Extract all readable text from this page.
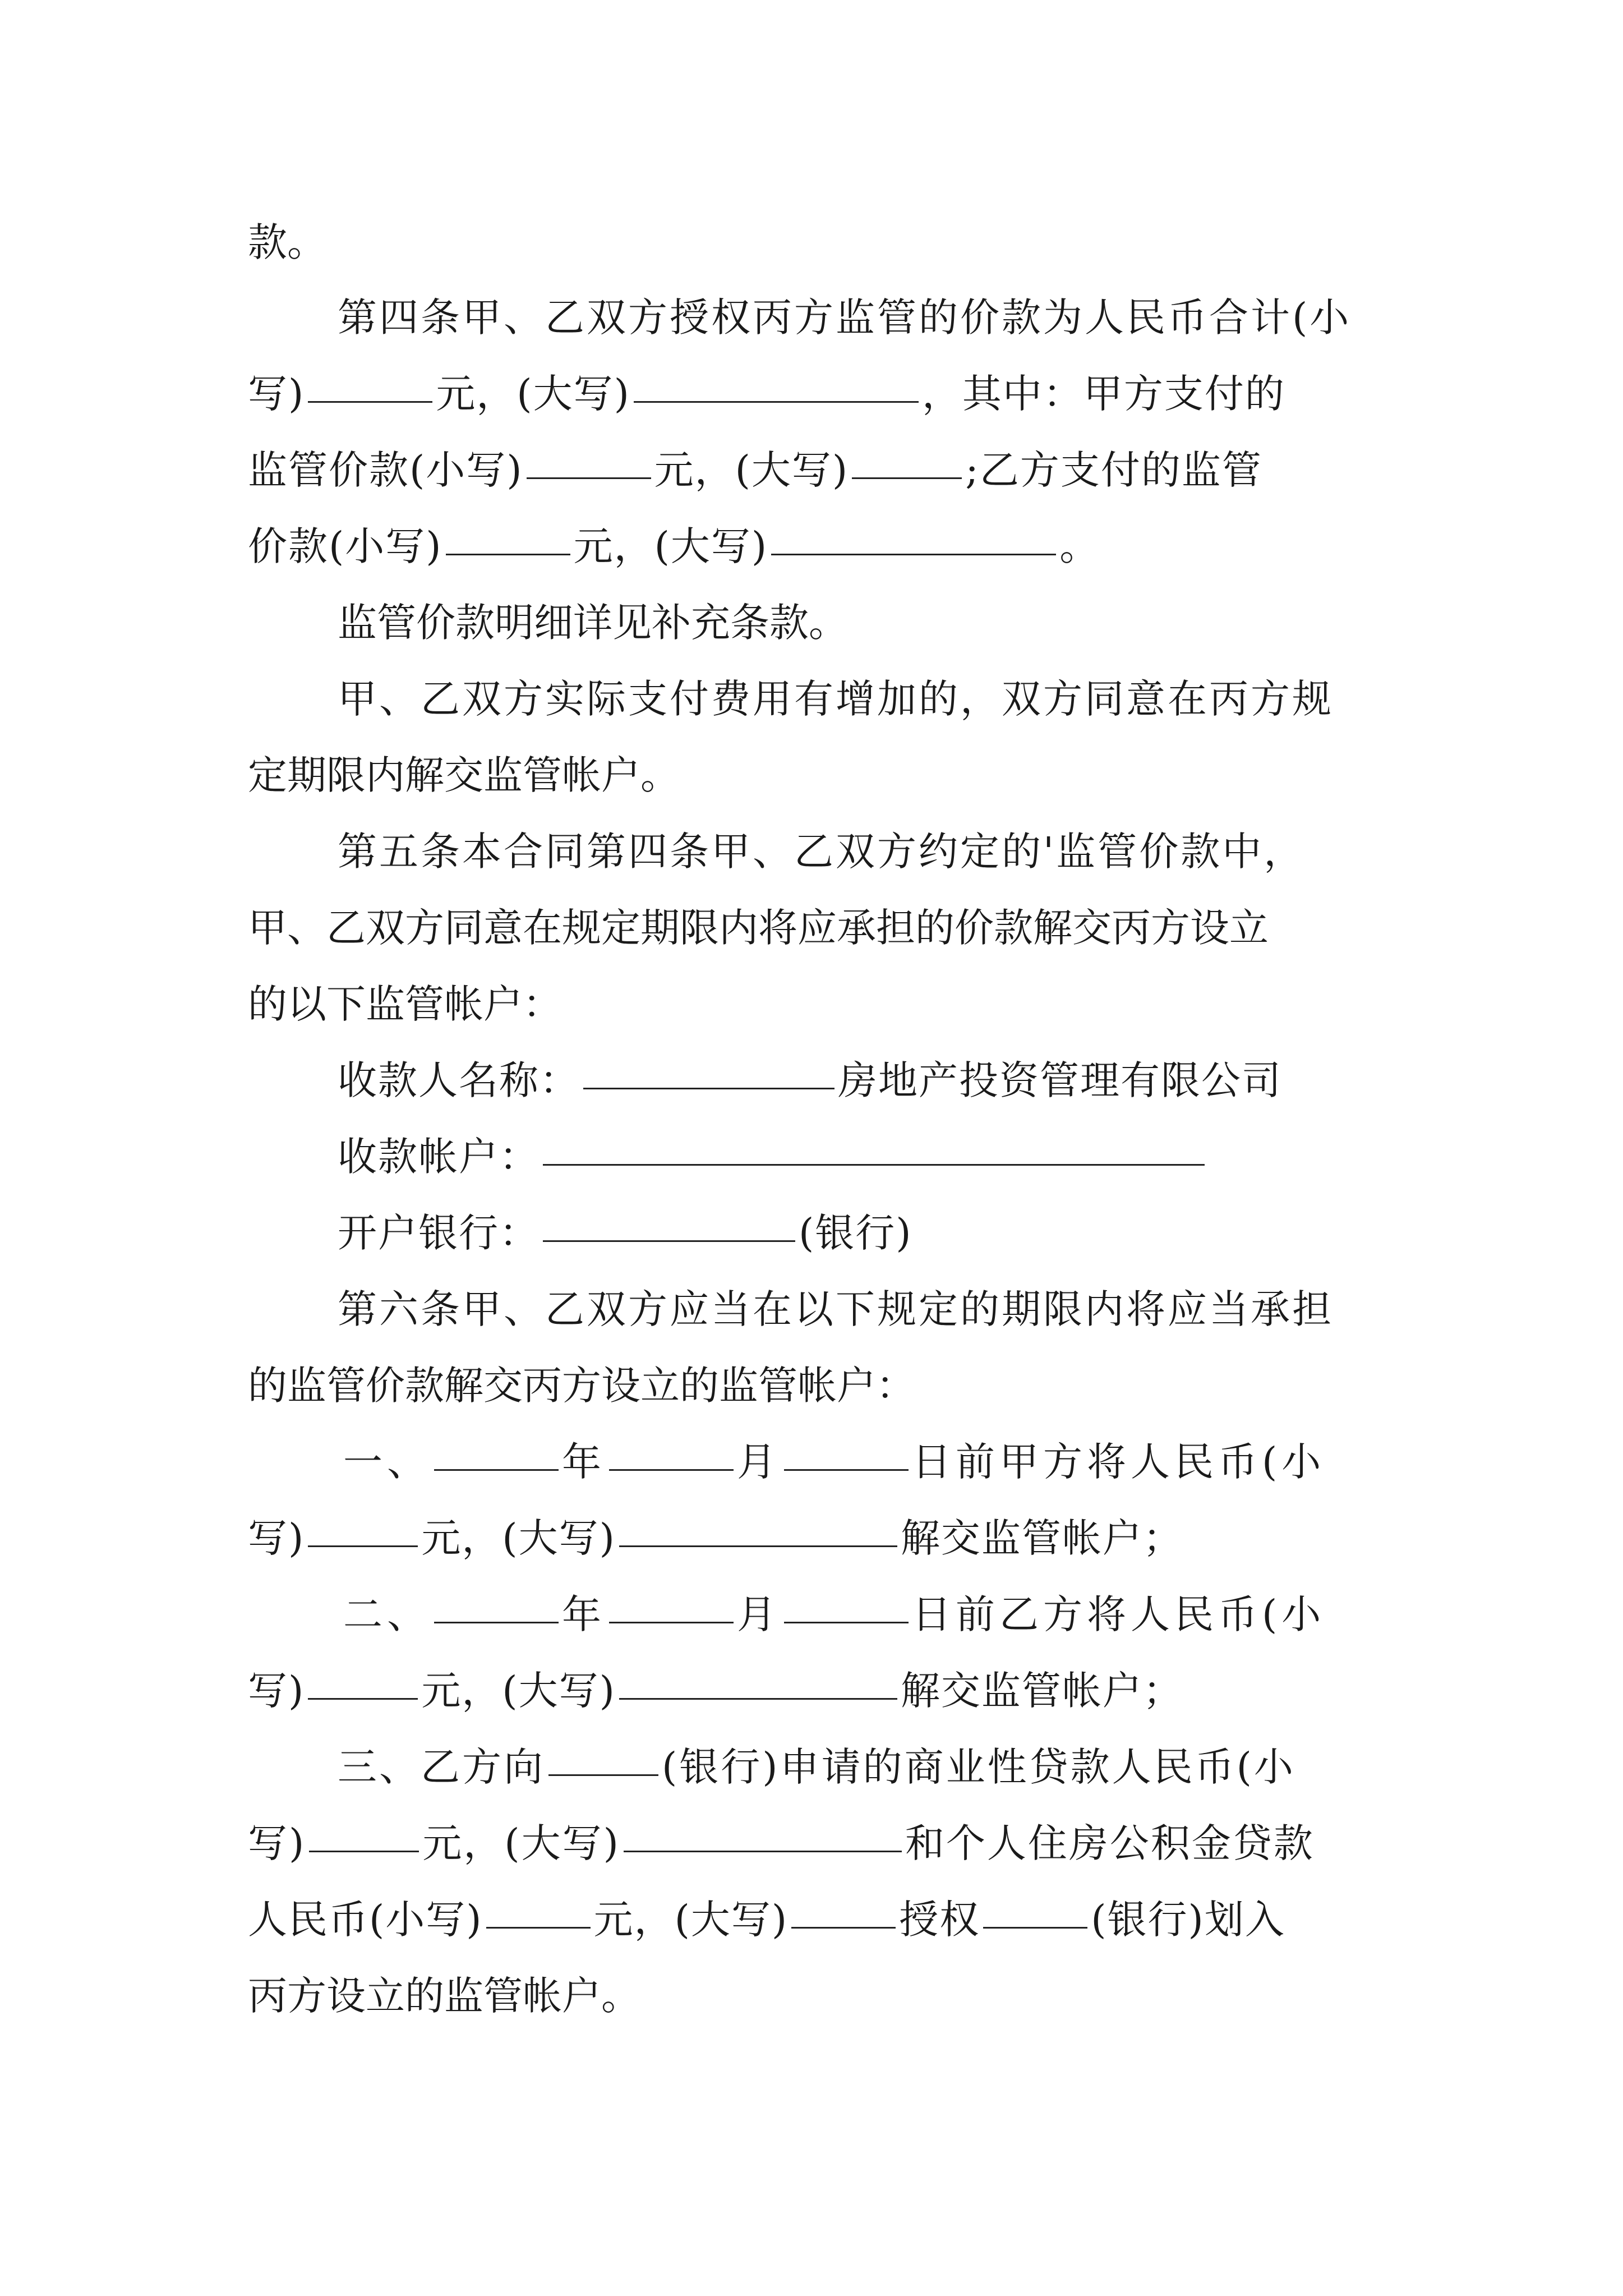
款。
第四条甲、乙双方授权丙方监管的价款为人民币合计(小
写)	元，(大写)	，其中：甲方支付的
监管价款(小写)	元，(大写)	;乙方支付的监管
价款(小写)	元，(大写)	。
监管价款明细详见补充条款。
甲、乙双方实际支付费用有增加的，双方同意在丙方规
定期限内解交监管帐户。
第五条本合同第四条甲、乙双方约定的'监管价款中，
甲、乙双方同意在规定期限内将应承担的价款解交丙方设立
的以下监管帐户：
收款人名称：	房地产投资管理有限公司
收款帐户：
开户银行：	(银行)
第六条甲、乙双方应当在以下规定的期限内将应当承担
的监管价款解交丙方设立的监管帐户：
一、	年	月	日前甲方将人民币(小
写)	元，(大写)	解交监管帐户；
二、	年	月	日前乙方将人民币(小
写)	元，(大写)	解交监管帐户；
三、乙方向	(银行)申请的商业性贷款人民币(小
写)	元，(大写)	和个人住房公积金贷款
人民币(小写)	元，(大写)	授权	(银行)划入
丙方设立的监管帐户。
